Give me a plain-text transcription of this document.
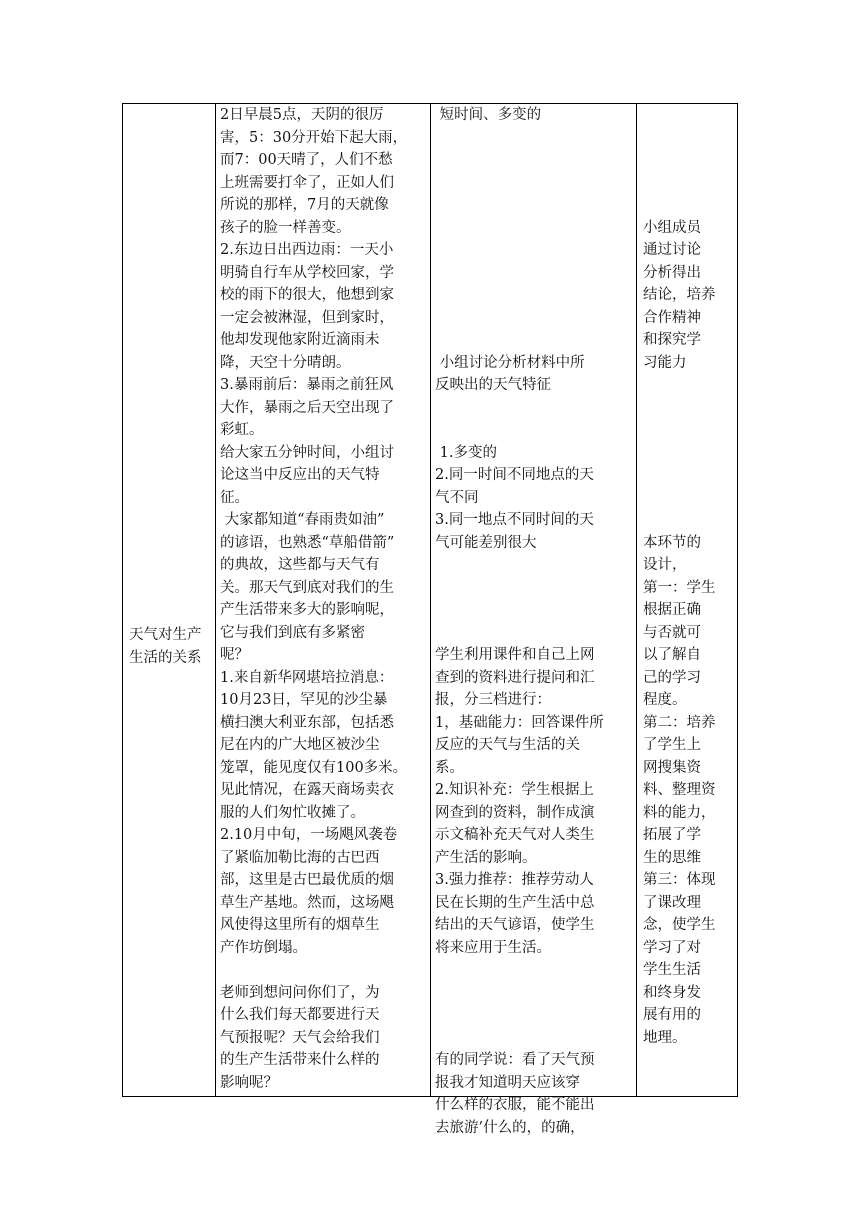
天气对生产生活的关系

2日早晨5点，天阴的很厉

害，5：30分开始下起大雨，

而7：00天晴了，人们不愁

上班需要打伞了，正如人们

所说的那样，7月的天就像

孩子的脸一样善变。

2.东边日出西边雨：一天小

明骑自行车从学校回家，学

校的雨下的很大，他想到家

一定会被淋湿，但到家时，

他却发现他家附近滴雨未

降，天空十分晴朗。

3.暴雨前后：暴雨之前狂风

大作，暴雨之后天空出现了

彩虹。

给大家五分钟时间，小组讨

论这当中反应出的天气特

征。

大家都知道“春雨贵如油”

的谚语，也熟悉“草船借箭”

的典故，这些都与天气有

关。那天气到底对我们的生

产生活带来多大的影响呢，

它与我们到底有多紧密

呢？

1.来自新华网堪培拉消息：

10月23日，罕见的沙尘暴

横扫澳大利亚东部，包括悉

尼在内的广大地区被沙尘

笼罩，能见度仅有100多米。

见此情况，在露天商场卖衣

服的人们匆忙收摊了。

2.10月中旬，一场飓风袭卷

了紧临加勒比海的古巴西

部，这里是古巴最优质的烟

草生产基地。然而，这场飓

风使得这里所有的烟草生

产作坊倒塌。

老师到想问问你们了，为

什么我们每天都要进行天

气预报呢？天气会给我们

的生产生活带来什么样的

影响呢？

短时间、多变的

小组讨论分析材料中所

反映出的天气特征

1.多变的

2.同一时间不同地点的天

气不同

3.同一地点不同时间的天

气可能差别很大

学生利用课件和自己上网

查到的资料进行提问和汇

报，分三档进行：

1，基础能力：回答课件所

反应的天气与生活的关

系。

2.知识补充：学生根据上

网查到的资料，制作成演

示文稿补充天气对人类生

产生活的影响。

3.强力推荐：推荐劳动人

民在长期的生产生活中总

结出的天气谚语，使学生

将来应用于生活。

有的同学说：看了天气预

报我才知道明天应该穿

什么样的衣服，能不能出

去旅游’什么的，的确，

小组成员

通过讨论

分析得出

结论，培养

合作精神

和探究学

习能力

本环节的

设计，

第一：学生

根据正确

与否就可

以了解自

己的学习

程度。

第二：培养

了学生上

网搜集资

料、整理资

料的能力，

拓展了学

生的思维

第三：体现

了课改理

念，使学生

学习了对

学生生活

和终身发

展有用的

地理。
